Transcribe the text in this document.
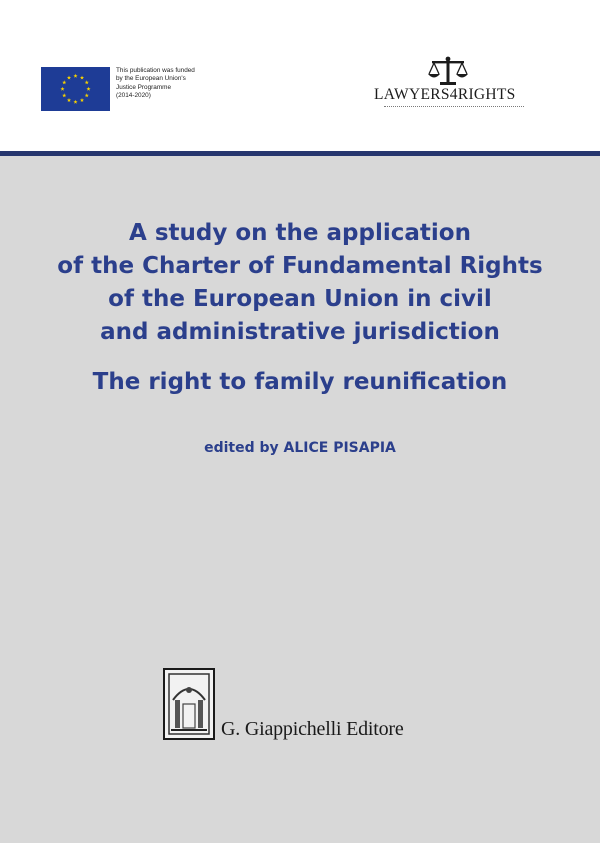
This publication was funded
by the European Union's
Justice Programme
(2014-2020)	LAWYERS4RIGHTS
A study on the application
of the Charter of Fundamental Rights
of the European Union in civil
and administrative jurisdiction
The right to family reunification
edited by ALICE PISAPIA
G. Giappichelli Editore
